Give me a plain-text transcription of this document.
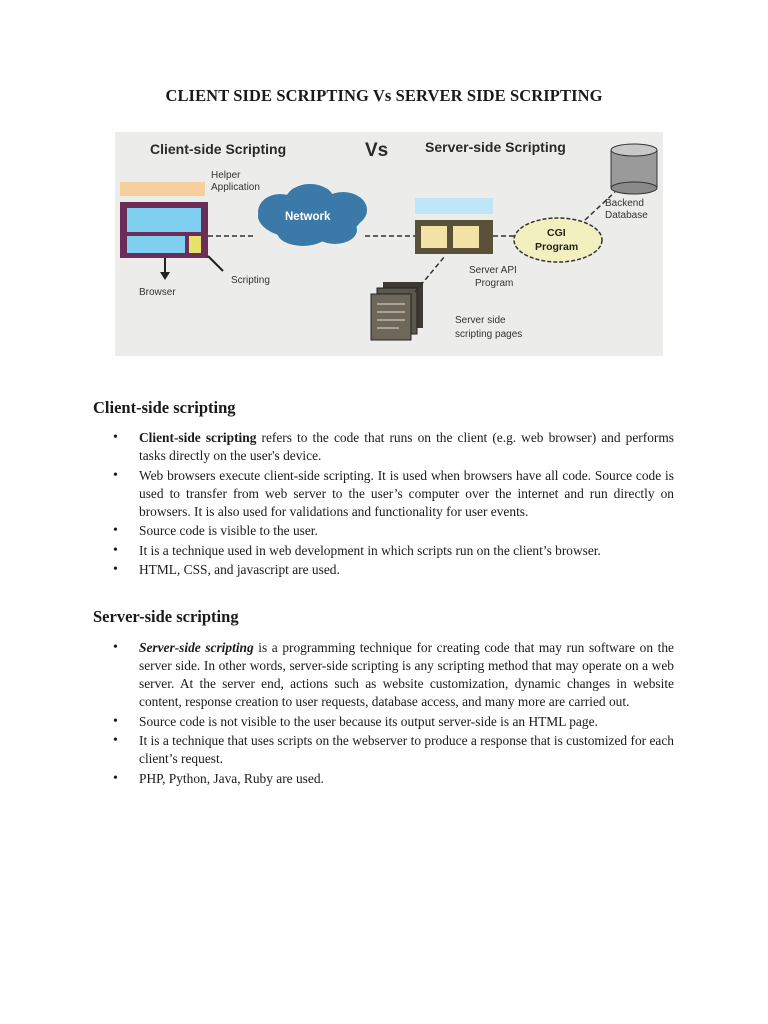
CLIENT SIDE SCRIPTING Vs SERVER SIDE SCRIPTING
Client-side Scripting	Vs	Server-side Scripting
Helper
Application
Browser
Scripting
Network
Server API
Program
CGI
Program
Backend
Database
Server side
scripting pages
Client-side scripting
• Client-side scripting refers to the code that runs on the client (e.g. web browser) and performs tasks directly on the user's device.
• Web browsers execute client-side scripting. It is used when browsers have all code. Source code is used to transfer from web server to the user’s computer over the internet and run directly on browsers. It is also used for validations and functionality for user events.
• Source code is visible to the user.
• It is a technique used in web development in which scripts run on the client’s browser.
• HTML, CSS, and javascript are used.
Server-side scripting
• Server-side scripting is a programming technique for creating code that may run software on the server side. In other words, server-side scripting is any scripting method that may operate on a web server. At the server end, actions such as website customization, dynamic changes in website content, response creation to user requests, database access, and many more are carried out.
• Source code is not visible to the user because its output server-side is an HTML page.
• It is a technique that uses scripts on the webserver to produce a response that is customized for each client’s request.
• PHP, Python, Java, Ruby are used.
